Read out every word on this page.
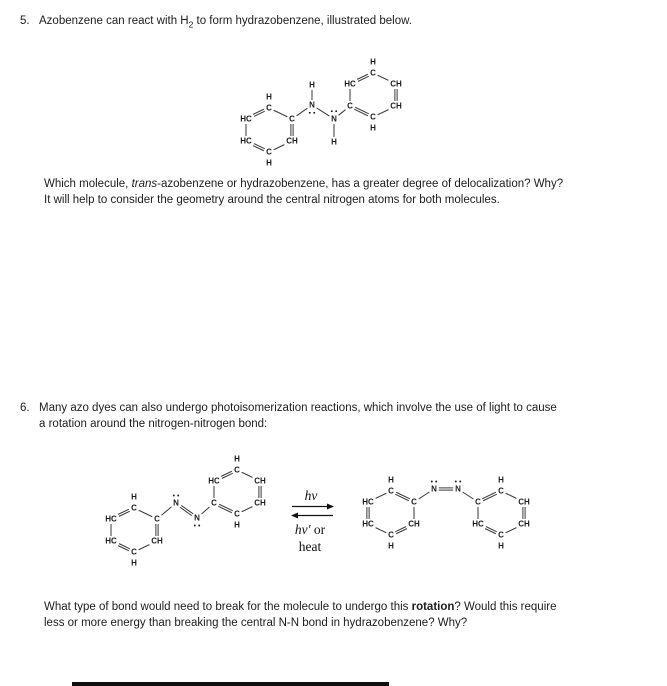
5. Azobenzene can react with $H_2$ to form hydrazobenzene, illustrated below.
H
C
HC
HC
C
H
CH
C
N
H
N
H
C
HC
C
H
CH
CH
C
H
H
C
HC
HC
C
H
CH
C
N
N
C
HC
C
H
CH
CH
C
H
N N
C
C
H
HC
HC
C
H
CH
C
C
H
CH
CH
C
H
HC
Which molecule, trans-azobenzene or hydrazobenzene, has a greater degree of delocalization? Why?
It will help to consider the geometry around the central nitrogen atoms for both molecules.
6. Many azo dyes can also undergo photoisomerization reactions, which involve the use of light to cause
a rotation around the nitrogen-nitrogen bond:
hν
hν′ or
heat
What type of bond would need to break for the molecule to undergo this rotation? Would this require
less or more energy than breaking the central N-N bond in hydrazobenzene? Why?
